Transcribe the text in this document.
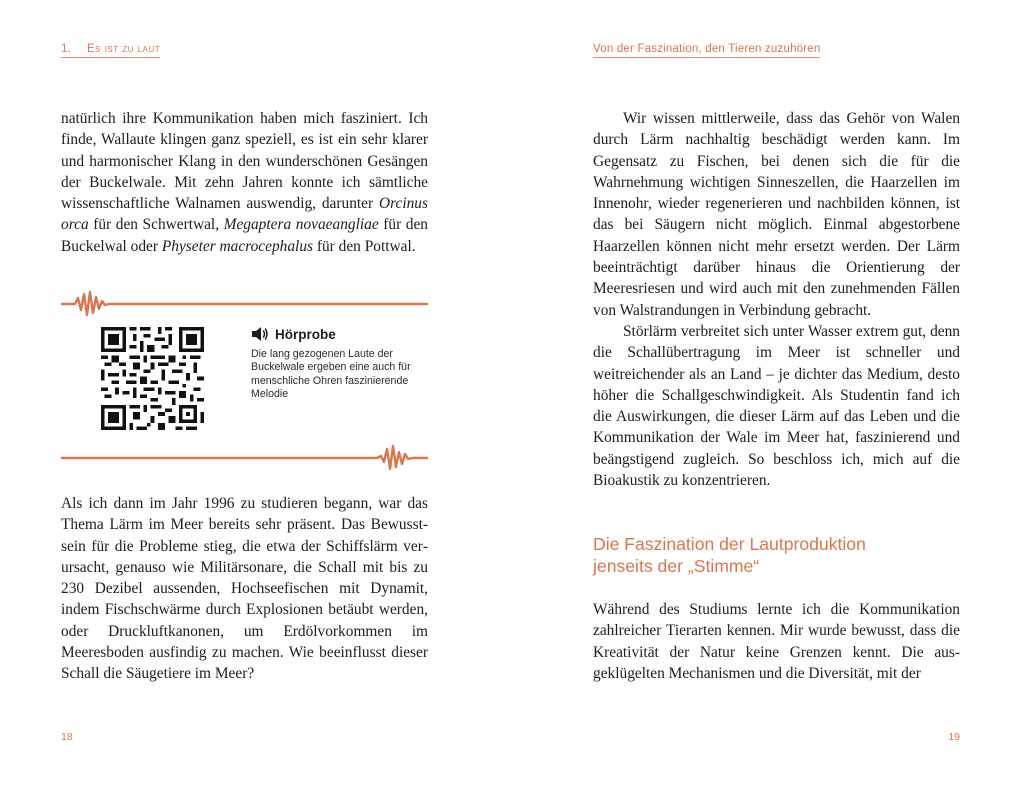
1. Es ist zu laut

natürlich ihre Kommunikation haben mich fasziniert. Ich finde, Wallaute klingen ganz speziell, es ist ein sehr klarer und harmonischer Klang in den wunderschönen Gesängen der Buckelwale. Mit zehn Jahren konnte ich sämtliche wissenschaftliche Walnamen auswendig, darunter Orcinus orca für den Schwertwal, Megaptera novaeangliae für den Buckelwal oder Physeter macrocephalus für den Pottwal.

Hörprobe
Die lang gezogenen Laute der Buckelwale ergeben eine auch für menschliche Ohren faszinierende Melodie

Als ich dann im Jahr 1996 zu studieren begann, war das Thema Lärm im Meer bereits sehr präsent. Das Bewusstsein für die Probleme stieg, die etwa der Schiffslärm verursacht, genauso wie Militärsonare, die Schall mit bis zu 230 Dezibel aussenden, Hochseefischen mit Dynamit, indem Fischschwärme durch Explosionen betäubt werden, oder Druckluftkanonen, um Erdölvorkommen im Meeresboden ausfindig zu machen. Wie beeinflusst dieser Schall die Säugetiere im Meer?

18
Von der Faszination, den Tieren zuzuhören

Wir wissen mittlerweile, dass das Gehör von Walen durch Lärm nachhaltig beschädigt werden kann. Im Gegensatz zu Fischen, bei denen sich die für die Wahrnehmung wichtigen Sinneszellen, die Haarzellen im Innenohr, wieder regenerieren und nachbilden können, ist das bei Säugern nicht möglich. Einmal abgestorbene Haarzellen können nicht mehr ersetzt werden. Der Lärm beeinträchtigt darüber hinaus die Orientierung der Meeresriesen und wird auch mit den zunehmenden Fällen von Walstrandungen in Verbindung gebracht.

Störlärm verbreitet sich unter Wasser extrem gut, denn die Schallübertragung im Meer ist schneller und weitreichender als an Land – je dichter das Medium, desto höher die Schallgeschwindigkeit. Als Studentin fand ich die Auswirkungen, die dieser Lärm auf das Leben und die Kommunikation der Wale im Meer hat, faszinierend und beängstigend zugleich. So beschloss ich, mich auf die Bioakustik zu konzentrieren.

Die Faszination der Lautproduktion
jenseits der „Stimme“

Während des Studiums lernte ich die Kommunikation zahlreicher Tierarten kennen. Mir wurde bewusst, dass die Kreativität der Natur keine Grenzen kennt. Die ausgeklügelten Mechanismen und die Diversität, mit der

19
